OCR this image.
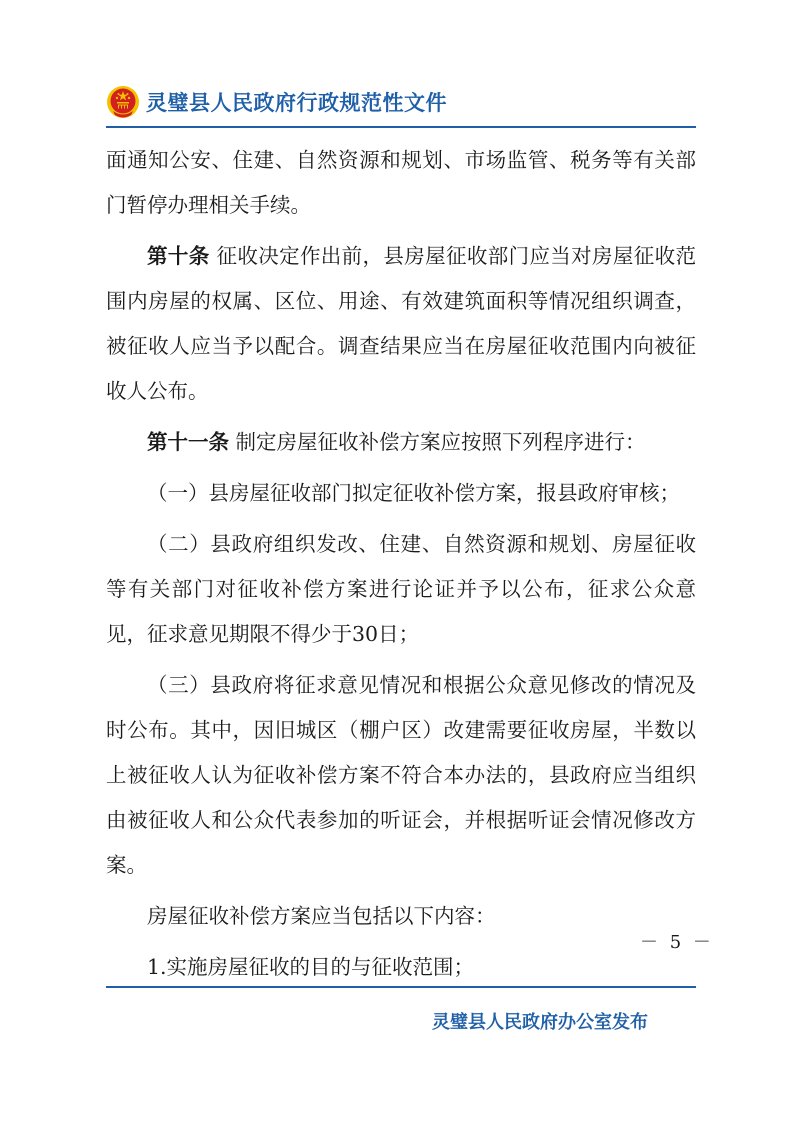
灵璧县人民政府行政规范性文件

面通知公安、住建、自然资源和规划、市场监管、税务等有关部门暂停办理相关手续。

第十条 征收决定作出前，县房屋征收部门应当对房屋征收范围内房屋的权属、区位、用途、有效建筑面积等情况组织调查，被征收人应当予以配合。调查结果应当在房屋征收范围内向被征收人公布。

第十一条 制定房屋征收补偿方案应按照下列程序进行：

（一）县房屋征收部门拟定征收补偿方案，报县政府审核；

（二）县政府组织发改、住建、自然资源和规划、房屋征收等有关部门对征收补偿方案进行论证并予以公布，征求公众意见，征求意见期限不得少于30日；

（三）县政府将征求意见情况和根据公众意见修改的情况及时公布。其中，因旧城区（棚户区）改建需要征收房屋，半数以上被征收人认为征收补偿方案不符合本办法的，县政府应当组织由被征收人和公众代表参加的听证会，并根据听证会情况修改方案。

房屋征收补偿方案应当包括以下内容：

1.实施房屋征收的目的与征收范围；

－ 5 －
灵璧县人民政府办公室发布
